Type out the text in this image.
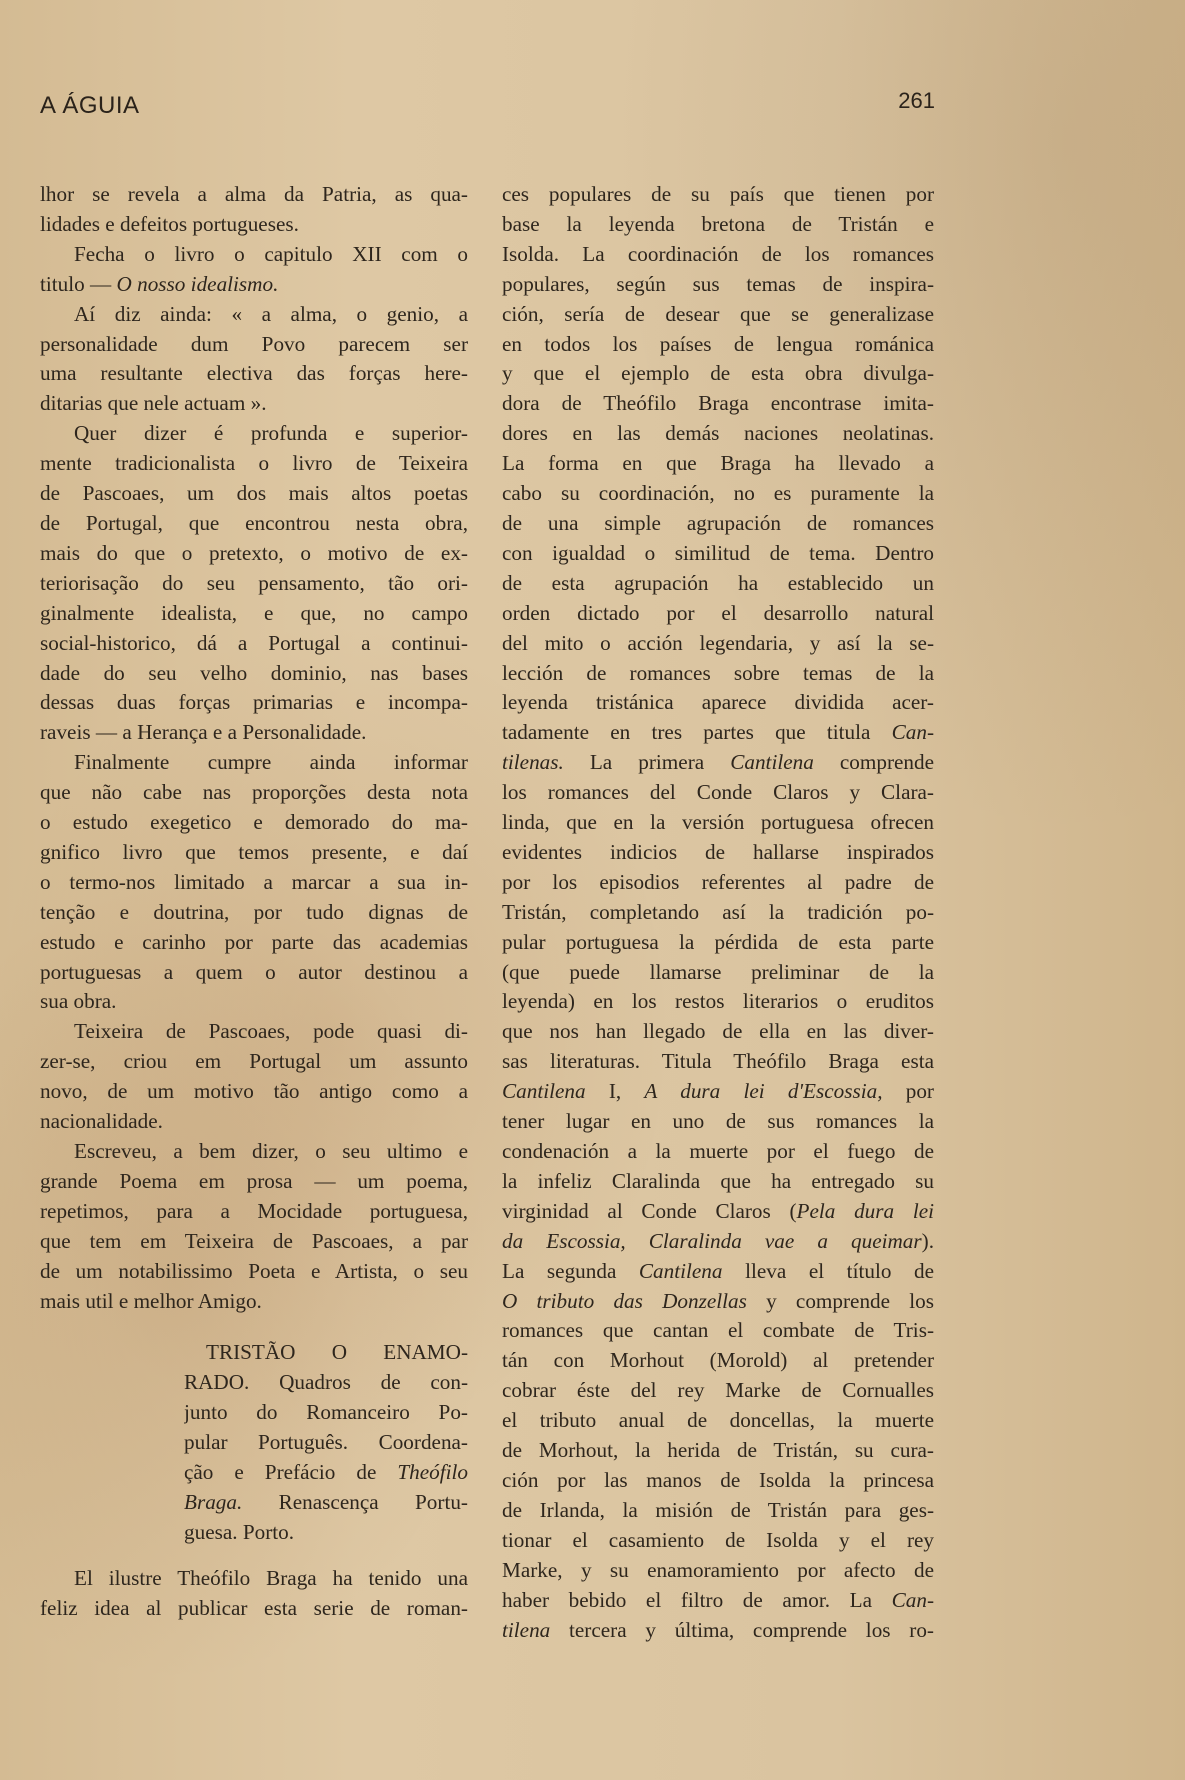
A ÁGUIA	261
lhor se revela a alma da Patria, as qua-
lidades e defeitos portugueses.
Fecha o livro o capitulo XII com o
titulo — O nosso idealismo.
Aí diz ainda: « a alma, o genio, a
personalidade dum Povo parecem ser
uma resultante electiva das forças here-
ditarias que nele actuam ».
Quer dizer é profunda e superior-
mente tradicionalista o livro de Teixeira
de Pascoaes, um dos mais altos poetas
de Portugal, que encontrou nesta obra,
mais do que o pretexto, o motivo de ex-
teriorisação do seu pensamento, tão ori-
ginalmente idealista, e que, no campo
social-historico, dá a Portugal a continui-
dade do seu velho dominio, nas bases
dessas duas forças primarias e incompa-
raveis — a Herança e a Personalidade.
Finalmente cumpre ainda informar
que não cabe nas proporções desta nota
o estudo exegetico e demorado do ma-
gnifico livro que temos presente, e daí
o termo-nos limitado a marcar a sua in-
tenção e doutrina, por tudo dignas de
estudo e carinho por parte das academias
portuguesas a quem o autor destinou a
sua obra.
Teixeira de Pascoaes, pode quasi di-
zer-se, criou em Portugal um assunto
novo, de um motivo tão antigo como a
nacionalidade.
Escreveu, a bem dizer, o seu ultimo e
grande Poema em prosa — um poema,
repetimos, para a Mocidade portuguesa,
que tem em Teixeira de Pascoaes, a par
de um notabilissimo Poeta e Artista, o seu
mais util e melhor Amigo.
TRISTÃO O ENAMO-
RADO. Quadros de con-
junto do Romanceiro Po-
pular Português. Coordena-
ção e Prefácio de Theófilo
Braga. Renascença Portu-
guesa. Porto.
El ilustre Theófilo Braga ha tenido una
feliz idea al publicar esta serie de roman-
ces populares de su país que tienen por
base la leyenda bretona de Tristán e
Isolda. La coordinación de los romances
populares, según sus temas de inspira-
ción, sería de desear que se generalizase
en todos los países de lengua románica
y que el ejemplo de esta obra divulga-
dora de Theófilo Braga encontrase imita-
dores en las demás naciones neolatinas.
La forma en que Braga ha llevado a
cabo su coordinación, no es puramente la
de una simple agrupación de romances
con igualdad o similitud de tema. Dentro
de esta agrupación ha establecido un
orden dictado por el desarrollo natural
del mito o acción legendaria, y así la se-
lección de romances sobre temas de la
leyenda tristánica aparece dividida acer-
tadamente en tres partes que titula Can-
tilenas. La primera Cantilena comprende
los romances del Conde Claros y Clara-
linda, que en la versión portuguesa ofrecen
evidentes indicios de hallarse inspirados
por los episodios referentes al padre de
Tristán, completando así la tradición po-
pular portuguesa la pérdida de esta parte
(que puede llamarse preliminar de la
leyenda) en los restos literarios o eruditos
que nos han llegado de ella en las diver-
sas literaturas. Titula Theófilo Braga esta
Cantilena I, A dura lei d'Escossia, por
tener lugar en uno de sus romances la
condenación a la muerte por el fuego de
la infeliz Claralinda que ha entregado su
virginidad al Conde Claros (Pela dura lei
da Escossia, Claralinda vae a queimar).
La segunda Cantilena lleva el título de
O tributo das Donzellas y comprende los
romances que cantan el combate de Tris-
tán con Morhout (Morold) al pretender
cobrar éste del rey Marke de Cornualles
el tributo anual de doncellas, la muerte
de Morhout, la herida de Tristán, su cura-
ción por las manos de Isolda la princesa
de Irlanda, la misión de Tristán para ges-
tionar el casamiento de Isolda y el rey
Marke, y su enamoramiento por afecto de
haber bebido el filtro de amor. La Can-
tilena tercera y última, comprende los ro-
